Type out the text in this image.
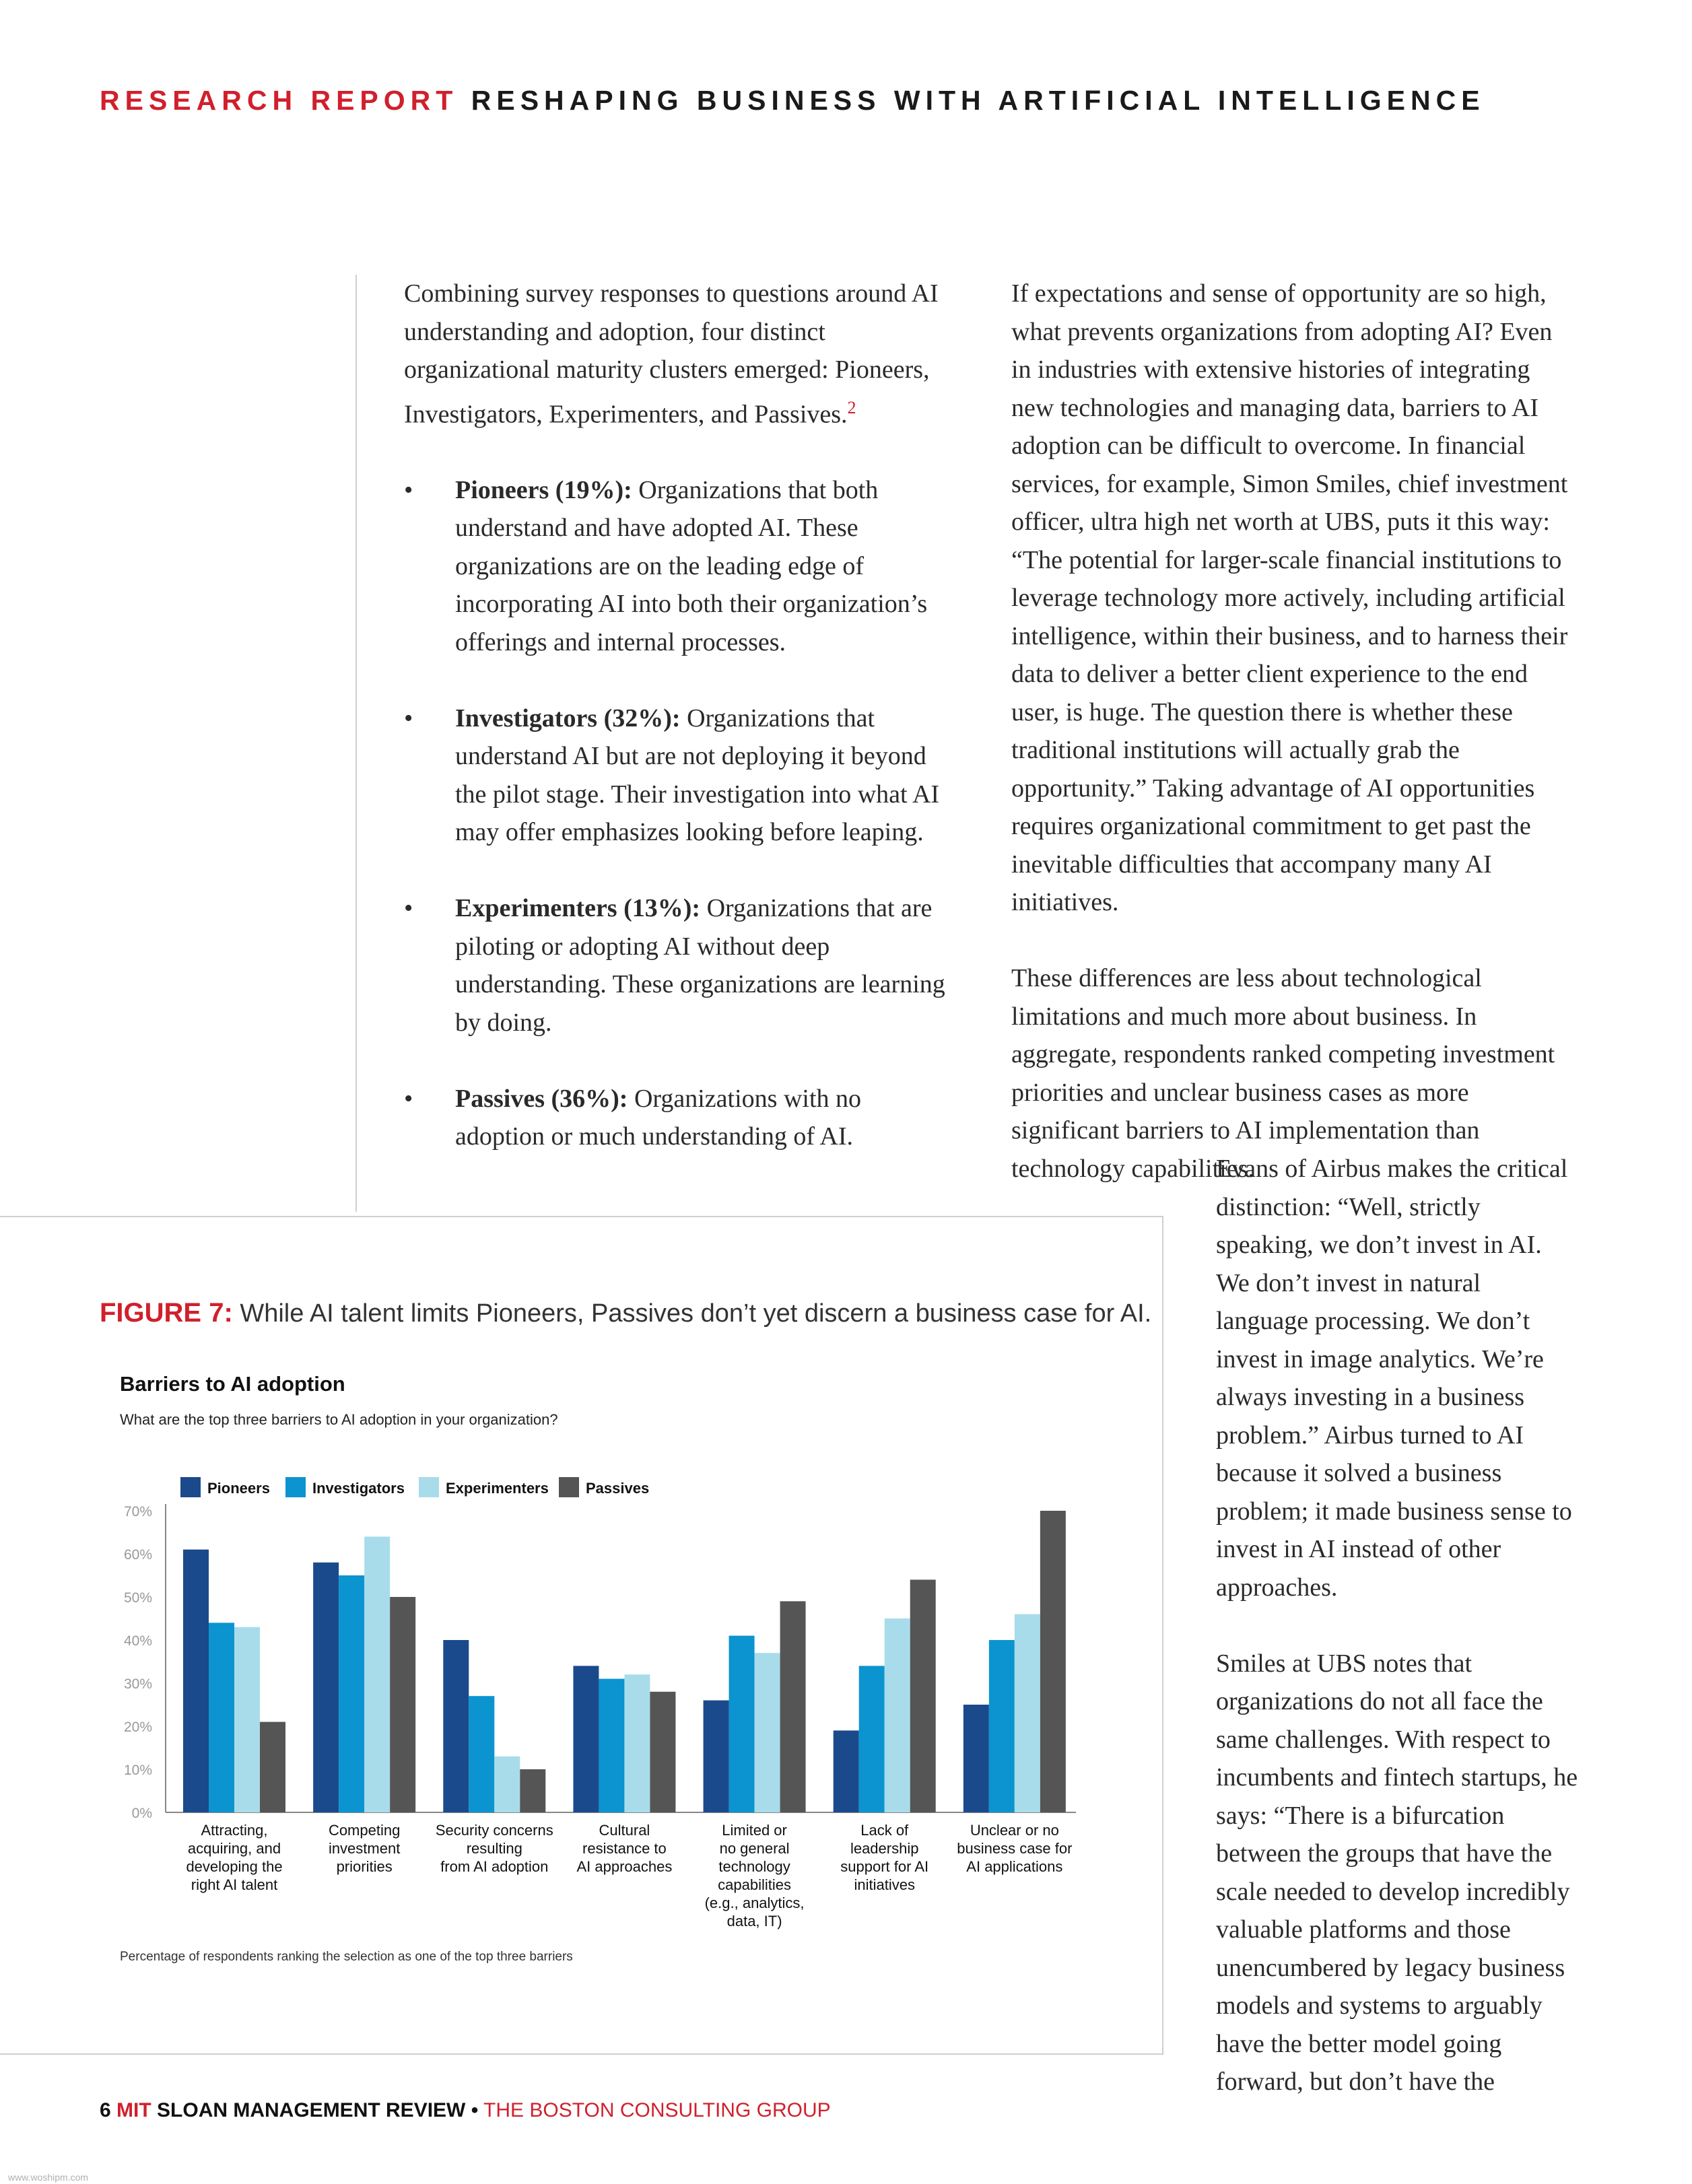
RESEARCH REPORT RESHAPING BUSINESS WITH ARTIFICIAL INTELLIGENCE

Combining survey responses to questions around AI understanding and adoption, four distinct organizational maturity clusters emerged: Pioneers, Investigators, Experimenters, and Passives.$^2$

• Pioneers (19%): Organizations that both understand and have adopted AI. These organizations are on the leading edge of incorporating AI into both their organization’s offerings and internal processes.
• Investigators (32%): Organizations that understand AI but are not deploying it beyond the pilot stage. Their investigation into what AI may offer emphasizes looking before leaping.
• Experimenters (13%): Organizations that are piloting or adopting AI without deep understanding. These organizations are learning by doing.
• Passives (36%): Organizations with no adoption or much understanding of AI.

If expectations and sense of opportunity are so high, what prevents organizations from adopting AI? Even in industries with extensive histories of integrating new technologies and managing data, barriers to AI adoption can be difficult to overcome. In financial services, for example, Simon Smiles, chief investment officer, ultra high net worth at UBS, puts it this way: “The potential for larger-scale financial institutions to leverage technology more actively, including artificial intelligence, within their business, and to harness their data to deliver a better client experience to the end user, is huge. The question there is whether these traditional institutions will actually grab the opportunity.” Taking advantage of AI opportunities requires organizational commitment to get past the inevitable difficulties that accompany many AI initiatives.

These differences are less about technological limitations and much more about business. In aggregate, respondents ranked competing investment priorities and unclear business cases as more significant barriers to AI implementation than technology capabilities.

Evans of Airbus makes the critical distinction: “Well, strictly speaking, we don’t invest in AI. We don’t invest in natural language processing. We don’t invest in image analytics. We’re always investing in a business problem.” Airbus turned to AI because it solved a business problem; it made business sense to invest in AI instead of other approaches.

Smiles at UBS notes that organizations do not all face the same challenges. With respect to incumbents and fintech startups, he says: “There is a bifurcation between the groups that have the scale needed to develop incredibly valuable platforms and those unencumbered by legacy business models and systems to arguably have the better model going forward, but don’t have the

FIGURE 7: While AI talent limits Pioneers, Passives don’t yet discern a business case for AI.
Barriers to AI adoption
What are the top three barriers to AI adoption in your organization?
Pioneers	Investigators	Experimenters	Passives
0%
10%
20%
30%
40%
50%
60%
70%
Attracting,
acquiring, and
developing the
right AI talent
Competing
investment
priorities
Security concerns
resulting
from AI adoption
Cultural
resistance to
AI approaches
Limited or
no general
technology
capabilities
(e.g., analytics,
data, IT)
Lack of
leadership
support for AI
initiatives
Unclear or no
business case for
AI applications
Percentage of respondents ranking the selection as one of the top three barriers
6 MIT SLOAN MANAGEMENT REVIEW • THE BOSTON CONSULTING GROUP
www.woshipm.com
